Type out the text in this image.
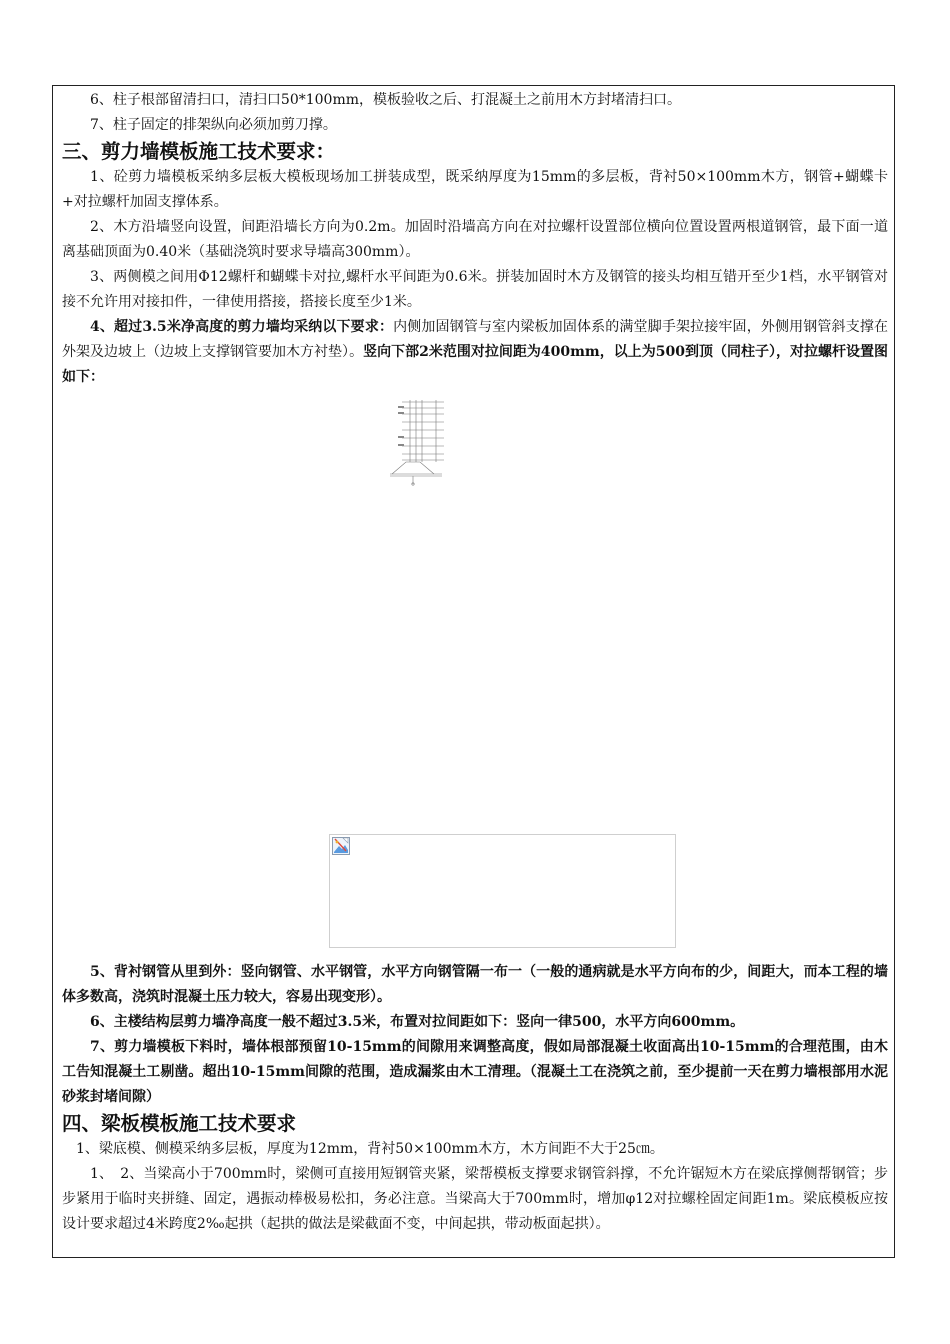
6、柱子根部留清扫口，清扫口50*100mm，模板验收之后、打混凝土之前用木方封堵清扫口。

7、柱子固定的排架纵向必须加剪刀撑。

三、剪力墙模板施工技术要求：

1、砼剪力墙模板采纳多层板大模板现场加工拼装成型，既采纳厚度为15mm的多层板，背衬50×100mm木方，钢管+蝴蝶卡+对拉螺杆加固支撑体系。

2、木方沿墙竖向设置，间距沿墙长方向为0.2m。加固时沿墙高方向在对拉螺杆设置部位横向位置设置两根道钢管，最下面一道离基础顶面为0.40米（基础浇筑时要求导墙高300mm）。

3、两侧模之间用Φ12螺杆和蝴蝶卡对拉,螺杆水平间距为0.6米。拼装加固时木方及钢管的接头均相互错开至少1档，水平钢管对接不允许用对接扣件，一律使用搭接，搭接长度至少1米。

4、超过3.5米净高度的剪力墙均采纳以下要求：内侧加固钢管与室内梁板加固体系的满堂脚手架拉接牢固，外侧用钢管斜支撑在外架及边坡上（边坡上支撑钢管要加木方衬垫）。竖向下部2米范围对拉间距为400mm，以上为500到顶（同柱子），对拉螺杆设置图如下：

5、背衬钢管从里到外：竖向钢管、水平钢管，水平方向钢管隔一布一（一般的通病就是水平方向布的少，间距大，而本工程的墙体多数高，浇筑时混凝土压力较大，容易出现变形）。

6、主楼结构层剪力墙净高度一般不超过3.5米，布置对拉间距如下：竖向一律500，水平方向600mm。

7、剪力墙模板下料时，墙体根部预留10-15mm的间隙用来调整高度，假如局部混凝土收面高出10-15mm的合理范围，由木工告知混凝土工剔凿。超出10-15mm间隙的范围，造成漏浆由木工清理。（混凝土工在浇筑之前，至少提前一天在剪力墙根部用水泥砂浆封堵间隙）

四、梁板模板施工技术要求

1、梁底模、侧模采纳多层板，厚度为12mm，背衬50×100mm木方，木方间距不大于25㎝。

1、　2、当梁高小于700mm时，梁侧可直接用短钢管夹紧，梁帮模板支撑要求钢管斜撑，不允许锯短木方在梁底撑侧帮钢管；步步紧用于临时夹拼缝、固定，遇振动棒极易松扣，务必注意。当梁高大于700mm时，增加φ12对拉螺栓固定间距1m。梁底模板应按设计要求超过4米跨度2‰起拱（起拱的做法是梁截面不变，中间起拱，带动板面起拱）。
